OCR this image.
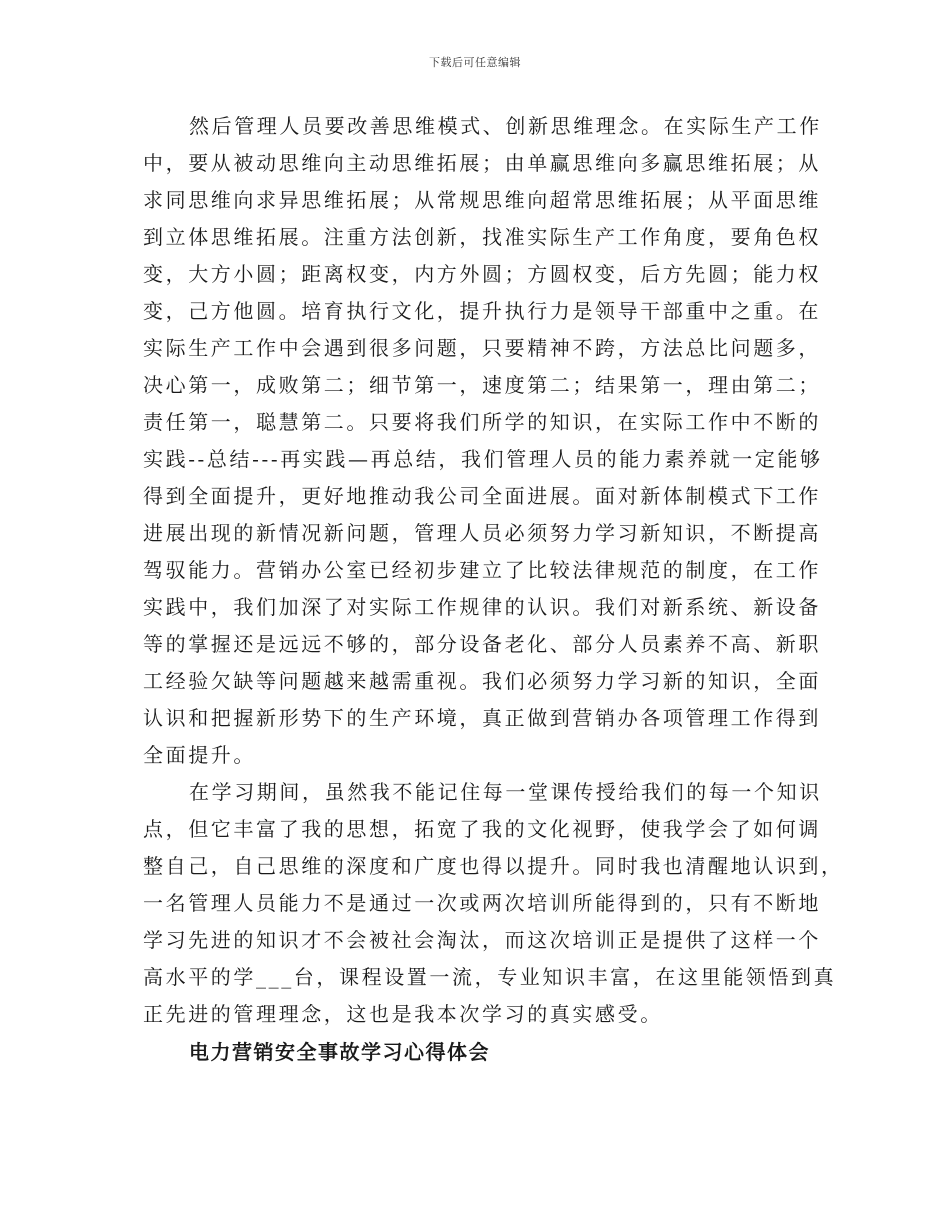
下载后可任意编辑
然后管理人员要改善思维模式、创新思维理念。在实际生产工作
中，要从被动思维向主动思维拓展；由单赢思维向多赢思维拓展；从
求同思维向求异思维拓展；从常规思维向超常思维拓展；从平面思维
到立体思维拓展。注重方法创新，找准实际生产工作角度，要角色权
变，大方小圆；距离权变，内方外圆；方圆权变，后方先圆；能力权
变，己方他圆。培育执行文化，提升执行力是领导干部重中之重。在
实际生产工作中会遇到很多问题，只要精神不跨，方法总比问题多，
决心第一，成败第二；细节第一，速度第二；结果第一，理由第二；
责任第一，聪慧第二。只要将我们所学的知识，在实际工作中不断的
实践--总结---再实践—再总结，我们管理人员的能力素养就一定能够
得到全面提升，更好地推动我公司全面进展。面对新体制模式下工作
进展出现的新情况新问题，管理人员必须努力学习新知识，不断提高
驾驭能力。营销办公室已经初步建立了比较法律规范的制度，在工作
实践中，我们加深了对实际工作规律的认识。我们对新系统、新设备
等的掌握还是远远不够的，部分设备老化、部分人员素养不高、新职
工经验欠缺等问题越来越需重视。我们必须努力学习新的知识，全面
认识和把握新形势下的生产环境，真正做到营销办各项管理工作得到
全面提升。
在学习期间，虽然我不能记住每一堂课传授给我们的每一个知识
点，但它丰富了我的思想，拓宽了我的文化视野，使我学会了如何调
整自己，自己思维的深度和广度也得以提升。同时我也清醒地认识到，
一名管理人员能力不是通过一次或两次培训所能得到的，只有不断地
学习先进的知识才不会被社会淘汰，而这次培训正是提供了这样一个
高水平的学___台，课程设置一流，专业知识丰富，在这里能领悟到真
正先进的管理理念，这也是我本次学习的真实感受。
电力营销安全事故学习心得体会
